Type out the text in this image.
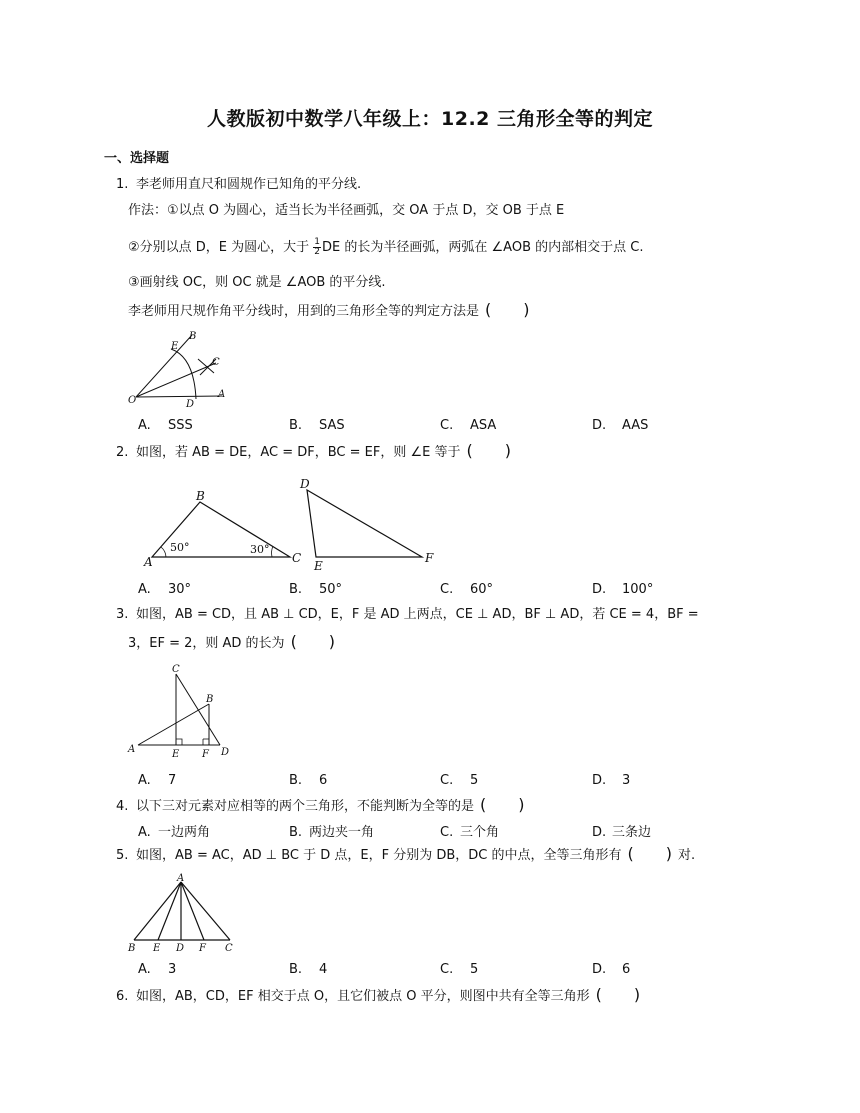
人教版初中数学八年级上：12.2 三角形全等的判定
一、选择题
1. 李老师用直尺和圆规作已知角的平分线.
作法：①以点 O 为圆心，适当长为半径画弧，交 OA 于点 D，交 OB 于点 E
②分别以点 D，E 为圆心，大于 $\frac{1}{2}$ DE 的长为半径画弧，两弧在 ∠AOB 的内部相交于点 C.
③画射线 OC，则 OC 就是 ∠AOB 的平分线.
李老师用尺规作角平分线时，用到的三角形全等的判定方法是 (　　)
O
A
B
C
D
E
A. SSS	B. SAS	C. ASA	D. AAS
2. 如图，若 AB = DE，AC = DF，BC = EF，则 ∠E 等于 (　　)
A
B
C
D
E
F
50°	30°
A. 30°	B. 50°	C. 60°	D. 100°
3. 如图，AB = CD，且 AB ⊥ CD，E，F 是 AD 上两点，CE ⊥ AD，BF ⊥ AD，若 CE = 4，BF =
3，EF = 2，则 AD 的长为 (　　)
A
B
C
D
E F
A. 7	B. 6	C. 5	D. 3
4. 以下三对元素对应相等的两个三角形，不能判断为全等的是 (　　)
A. 一边两角	B. 两边夹一角	C. 三个角	D. 三条边
5. 如图，AB = AC，AD ⊥ BC 于 D 点，E，F 分别为 DB，DC 的中点，全等三角形有 (　　) 对.
A
B E D F C
A. 3	B. 4	C. 5	D. 6
6. 如图，AB，CD，EF 相交于点 O，且它们被点 O 平分，则图中共有全等三角形 (　　)
